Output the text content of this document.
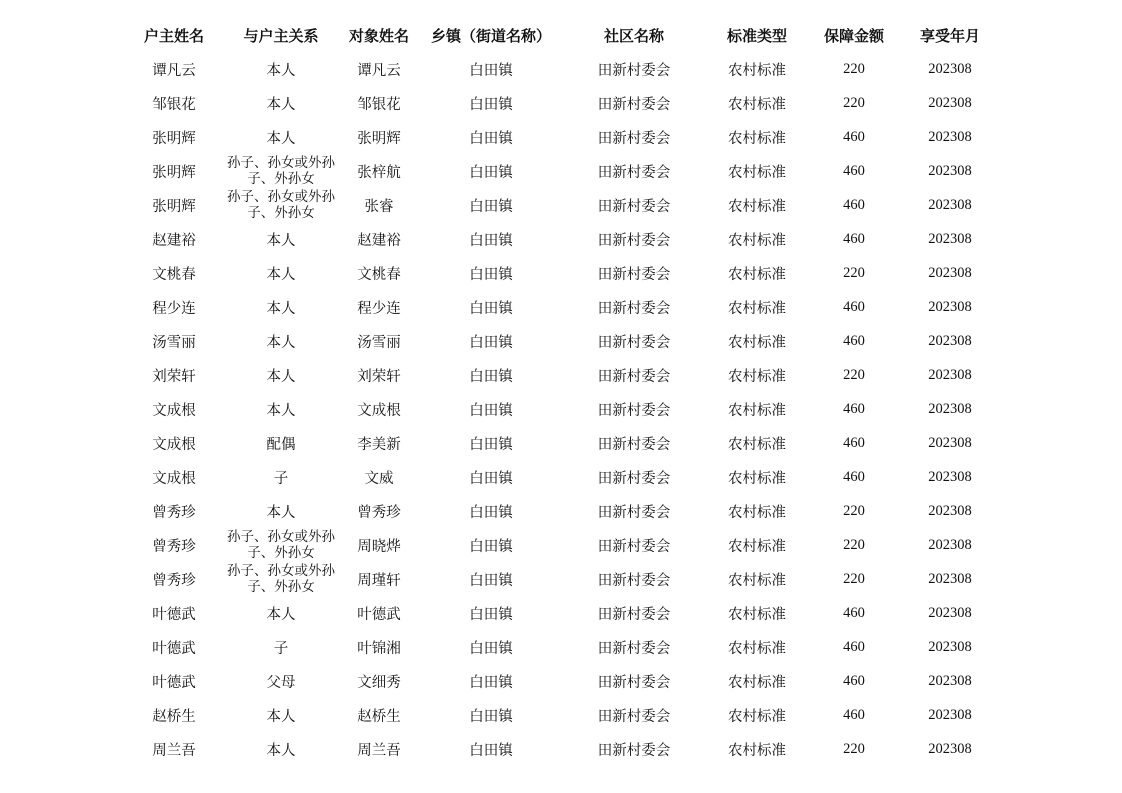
户主姓名	与户主关系	对象姓名	乡镇（街道名称）	社区名称	标准类型	保障金额	享受年月
谭凡云	本人	谭凡云	白田镇	田新村委会	农村标准	220	202308
邹银花	本人	邹银花	白田镇	田新村委会	农村标准	220	202308
张明辉	本人	张明辉	白田镇	田新村委会	农村标准	460	202308
张明辉	孙子、孙女或外孙子、外孙女	张梓航	白田镇	田新村委会	农村标准	460	202308
张明辉	孙子、孙女或外孙子、外孙女	张睿	白田镇	田新村委会	农村标准	460	202308
赵建裕	本人	赵建裕	白田镇	田新村委会	农村标准	460	202308
文桃春	本人	文桃春	白田镇	田新村委会	农村标准	220	202308
程少连	本人	程少连	白田镇	田新村委会	农村标准	460	202308
汤雪丽	本人	汤雪丽	白田镇	田新村委会	农村标准	460	202308
刘荣轩	本人	刘荣轩	白田镇	田新村委会	农村标准	220	202308
文成根	本人	文成根	白田镇	田新村委会	农村标准	460	202308
文成根	配偶	李美新	白田镇	田新村委会	农村标准	460	202308
文成根	子	文威	白田镇	田新村委会	农村标准	460	202308
曾秀珍	本人	曾秀珍	白田镇	田新村委会	农村标准	220	202308
曾秀珍	孙子、孙女或外孙子、外孙女	周晓烨	白田镇	田新村委会	农村标准	220	202308
曾秀珍	孙子、孙女或外孙子、外孙女	周瑾轩	白田镇	田新村委会	农村标准	220	202308
叶德武	本人	叶德武	白田镇	田新村委会	农村标准	460	202308
叶德武	子	叶锦湘	白田镇	田新村委会	农村标准	460	202308
叶德武	父母	文细秀	白田镇	田新村委会	农村标准	460	202308
赵桥生	本人	赵桥生	白田镇	田新村委会	农村标准	460	202308
周兰吾	本人	周兰吾	白田镇	田新村委会	农村标准	220	202308
